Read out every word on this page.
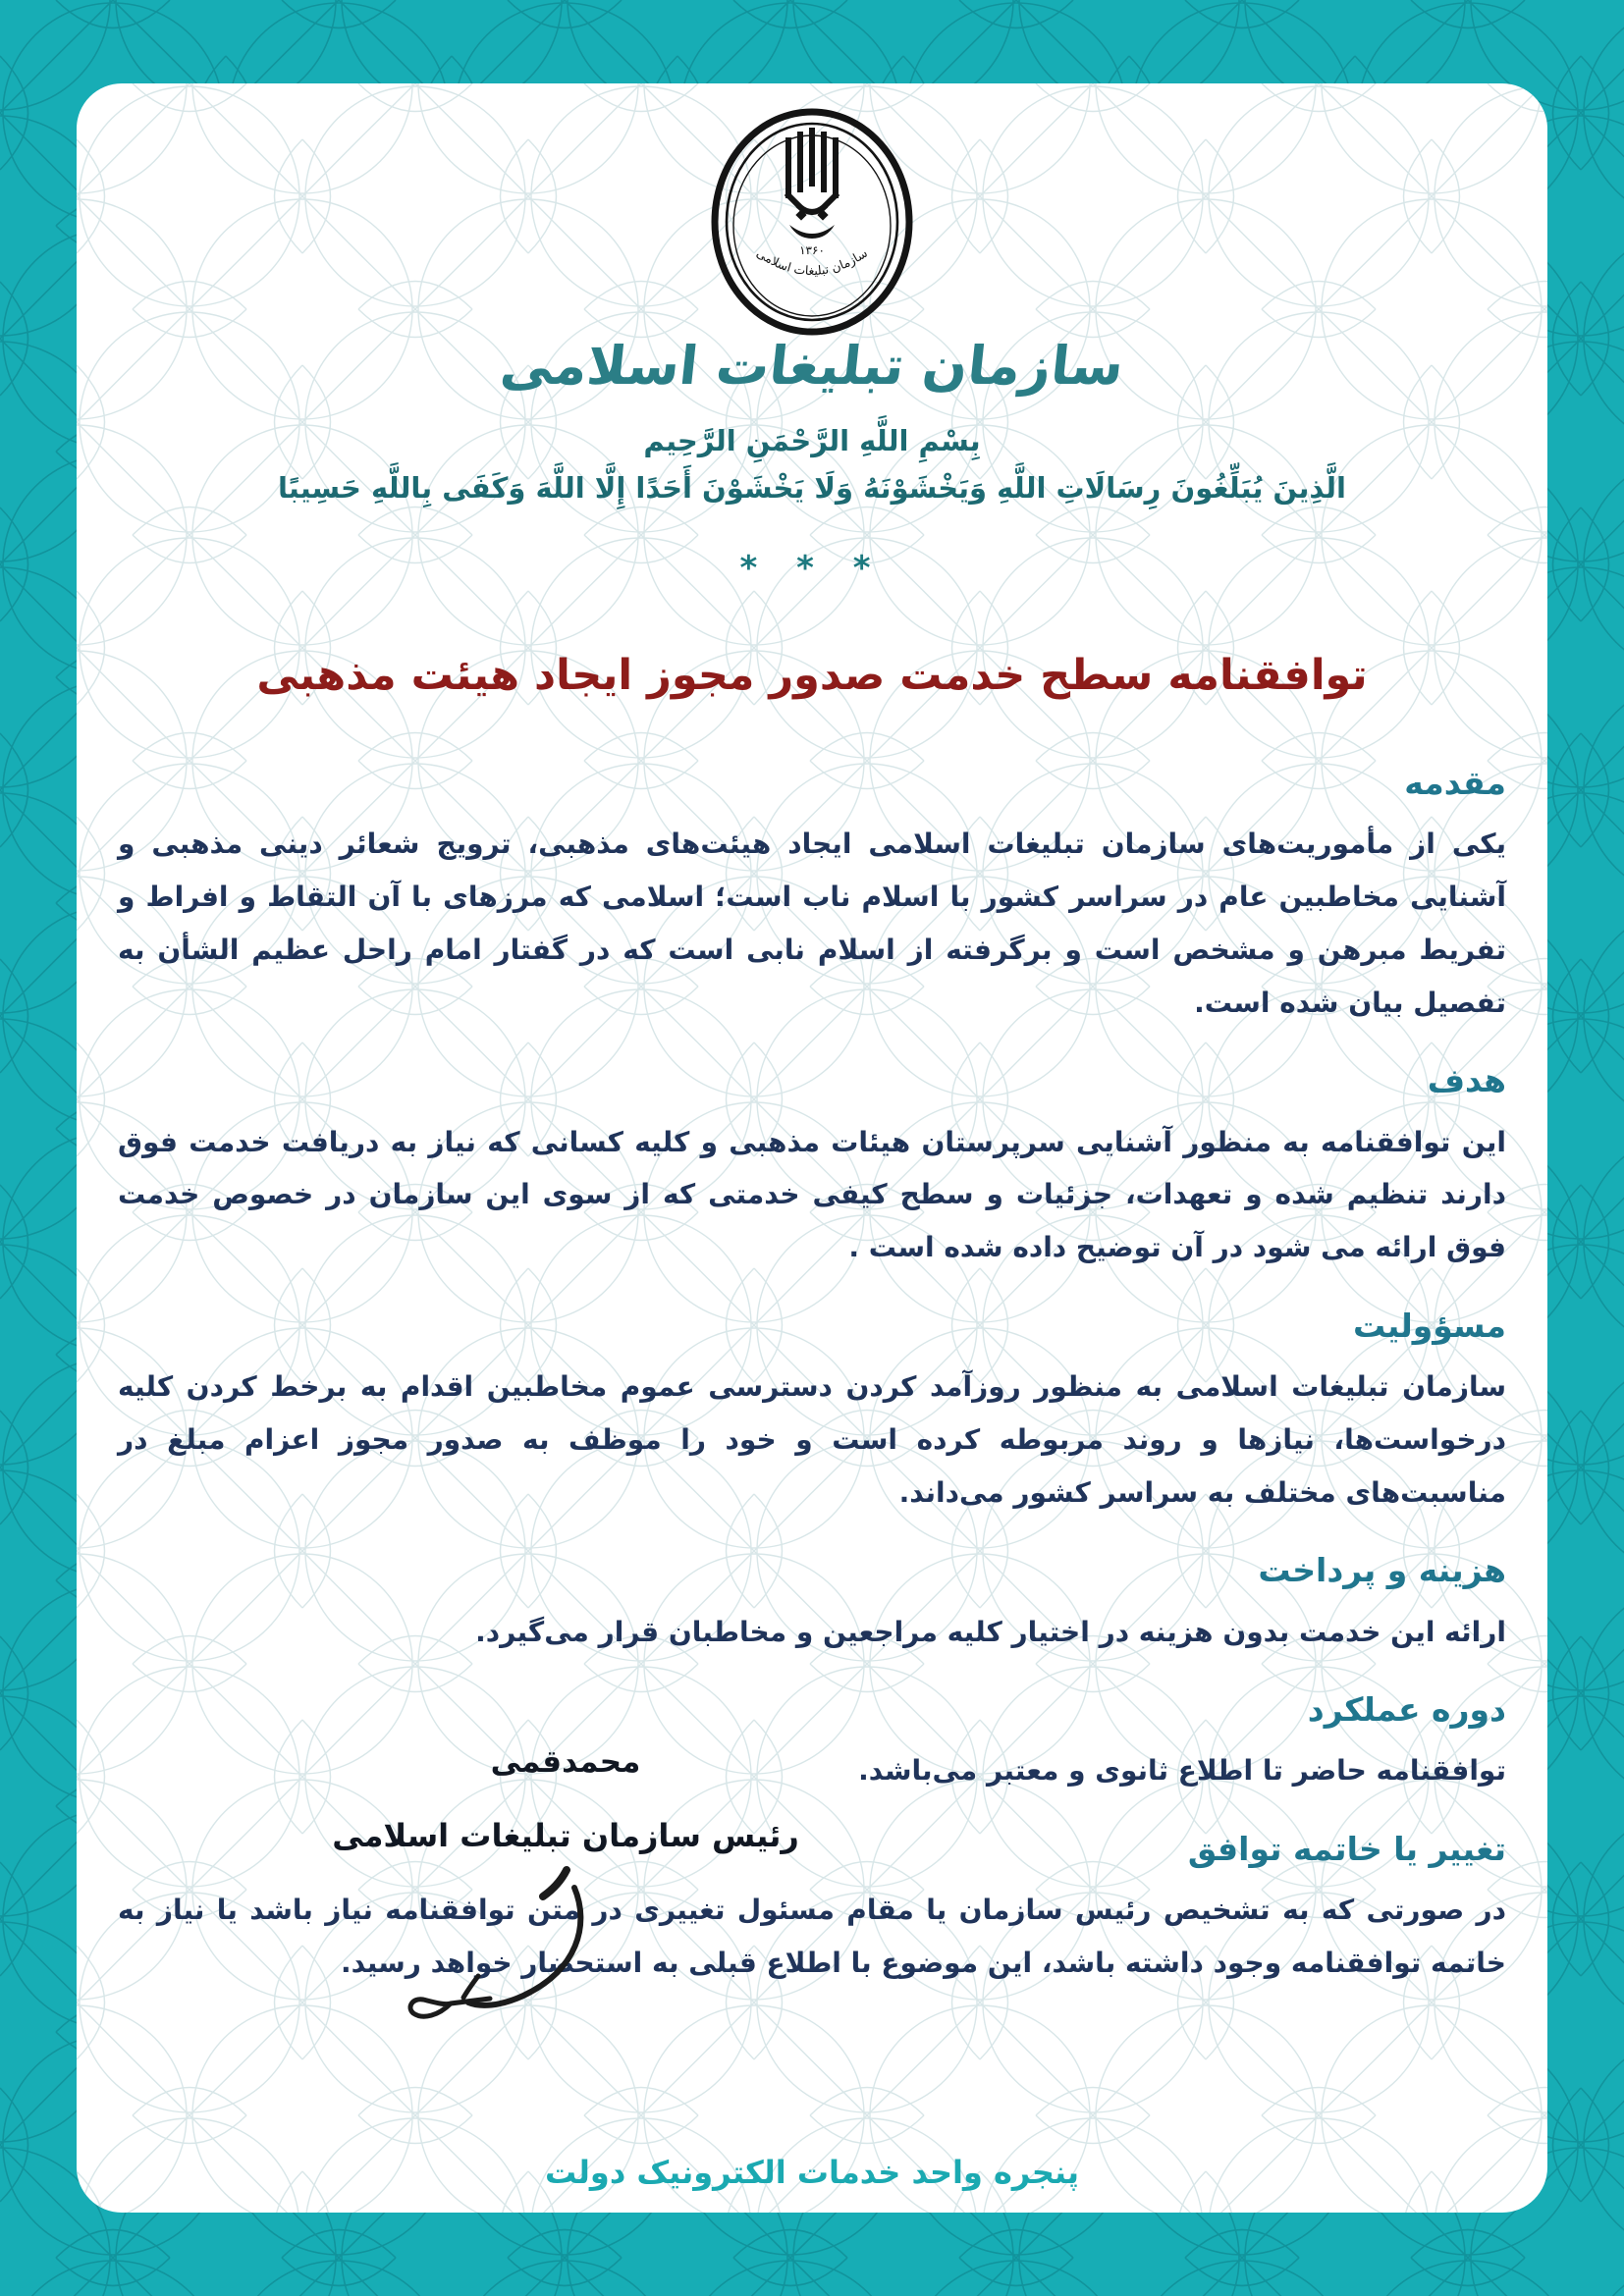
۱۳۶۰
سازمان تبلیغات اسلامی
سازمان تبلیغات اسلامی
بِسْمِ اللَّهِ الرَّحْمَنِ الرَّحِيم
الَّذِينَ يُبَلِّغُونَ رِسَالَاتِ اللَّهِ وَيَخْشَوْنَهُ وَلَا يَخْشَوْنَ أَحَدًا إِلَّا اللَّهَ وَكَفَى بِاللَّهِ حَسِيبًا
* * *
توافقنامه سطح خدمت صدور مجوز ایجاد هیئت مذهبی
مقدمه

یکی از مأموریت‌های سازمان تبلیغات اسلامی ایجاد هیئت‌های مذهبی، ترویج شعائر دینی مذهبی و آشنایی مخاطبین عام در سراسر کشور با اسلام ناب است؛ اسلامی که مرزهای با آن التقاط و افراط و تفریط مبرهن و مشخص است و برگرفته از اسلام نابی است که در گفتار امام راحل عظیم الشأن به تفصیل بیان شده است.

هدف

این توافقنامه به منظور آشنایی سرپرستان هیئات مذهبی و کلیه کسانی که نیاز به دریافت خدمت فوق دارند تنظیم شده و تعهدات، جزئیات و سطح کیفی خدمتی که از سوی این سازمان در خصوص خدمت فوق ارائه می شود در آن توضیح داده شده است .

مسؤولیت

سازمان تبلیغات اسلامی به منظور روزآمد کردن دسترسی عموم مخاطبین اقدام به برخط کردن کلیه درخواست‌ها، نیازها و روند مربوطه کرده است و خود را موظف به صدور مجوز اعزام مبلغ در مناسبت‌های مختلف به سراسر کشور می‌داند.

هزینه و پرداخت

ارائه این خدمت بدون هزینه در اختیار کلیه مراجعین و مخاطبان قرار می‌گیرد.

دوره عملکرد

توافقنامه حاضر تا اطلاع ثانوی و معتبر می‌باشد.

تغییر یا خاتمه توافق

در صورتی که به تشخیص رئیس سازمان یا مقام مسئول تغییری در متن توافقنامه نیاز باشد یا نیاز به خاتمه توافقنامه وجود داشته باشد، این موضوع با اطلاع قبلی به استحضار خواهد رسید.

محمدقمی
رئیس سازمان تبلیغات اسلامی
پنجره واحد خدمات الکترونیک دولت
